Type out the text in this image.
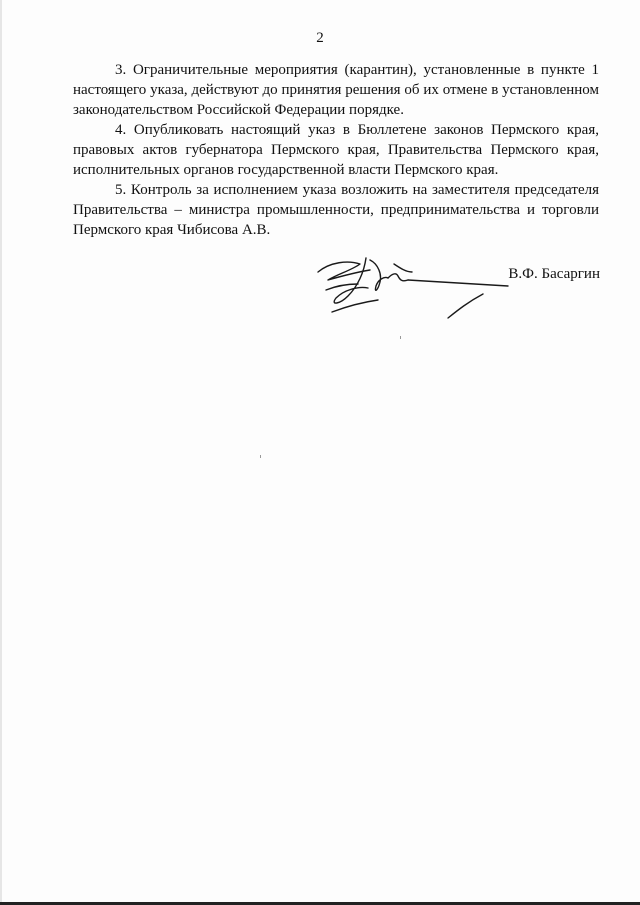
2

3. Ограничительные мероприятия (карантин), установленные в пункте 1 настоящего указа, действуют до принятия решения об их отмене в установленном законодательством Российской Федерации порядке.

4. Опубликовать настоящий указ в Бюллетене законов Пермского края, правовых актов губернатора Пермского края, Правительства Пермского края, исполнительных органов государственной власти Пермского края.

5. Контроль за исполнением указа возложить на заместителя председателя Правительства – министра промышленности, предпринимательства и торговли Пермского края Чибисова А.В.

В.Ф. Басаргин
